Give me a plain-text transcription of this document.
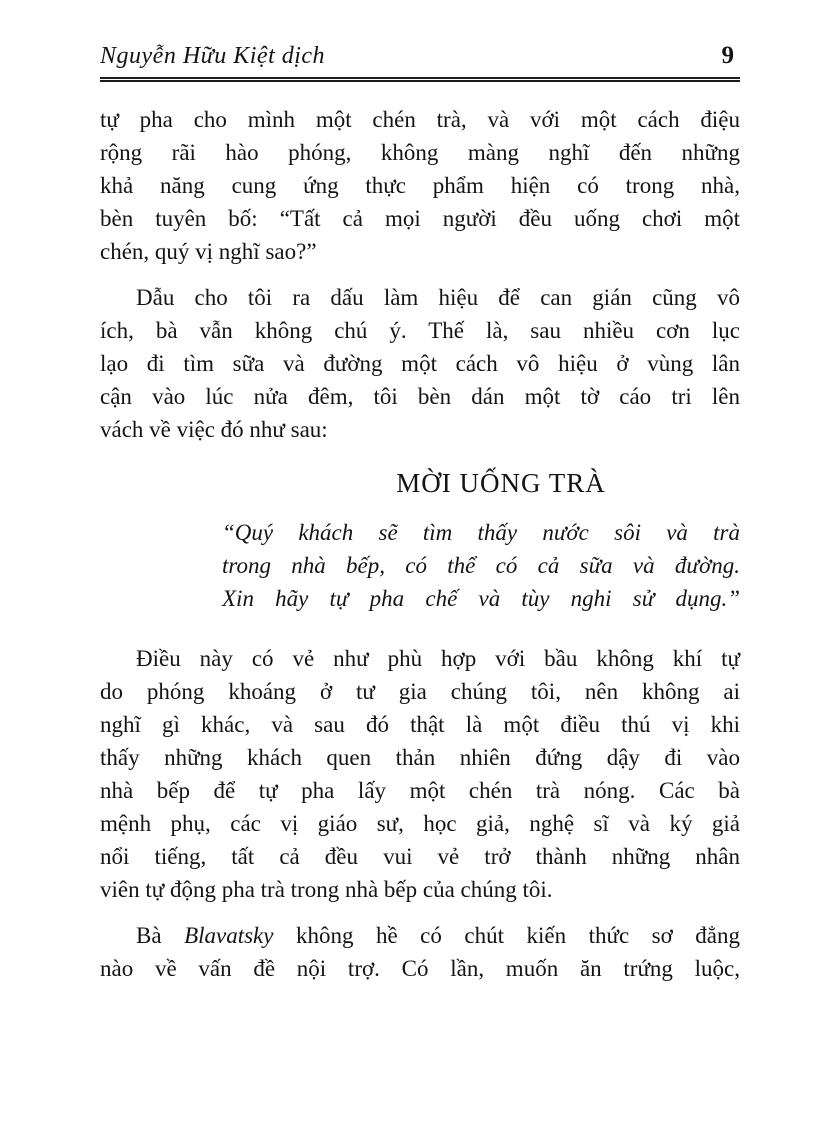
Nguyễn Hữu Kiệt dịch	9
tự pha cho mình một chén trà, và với một cách điệu
rộng rãi hào phóng, không màng nghĩ đến những
khả năng cung ứng thực phẩm hiện có trong nhà,
bèn tuyên bố: “Tất cả mọi người đều uống chơi một
chén, quý vị nghĩ sao?”
Dẫu cho tôi ra dấu làm hiệu để can gián cũng vô
ích, bà vẫn không chú ý. Thế là, sau nhiều cơn lục
lạo đi tìm sữa và đường một cách vô hiệu ở vùng lân
cận vào lúc nửa đêm, tôi bèn dán một tờ cáo tri lên
vách về việc đó như sau:
MỜI UỐNG TRÀ
“Quý khách sẽ tìm thấy nước sôi và trà
trong nhà bếp, có thể có cả sữa và đường.
Xin hãy tự pha chế và tùy nghi sử dụng.”
Điều này có vẻ như phù hợp với bầu không khí tự
do phóng khoáng ở tư gia chúng tôi, nên không ai
nghĩ gì khác, và sau đó thật là một điều thú vị khi
thấy những khách quen thản nhiên đứng dậy đi vào
nhà bếp để tự pha lấy một chén trà nóng. Các bà
mệnh phụ, các vị giáo sư, học giả, nghệ sĩ và ký giả
nổi tiếng, tất cả đều vui vẻ trở thành những nhân
viên tự động pha trà trong nhà bếp của chúng tôi.
Bà Blavatsky không hề có chút kiến thức sơ đẳng
nào về vấn đề nội trợ. Có lần, muốn ăn trứng luộc,
